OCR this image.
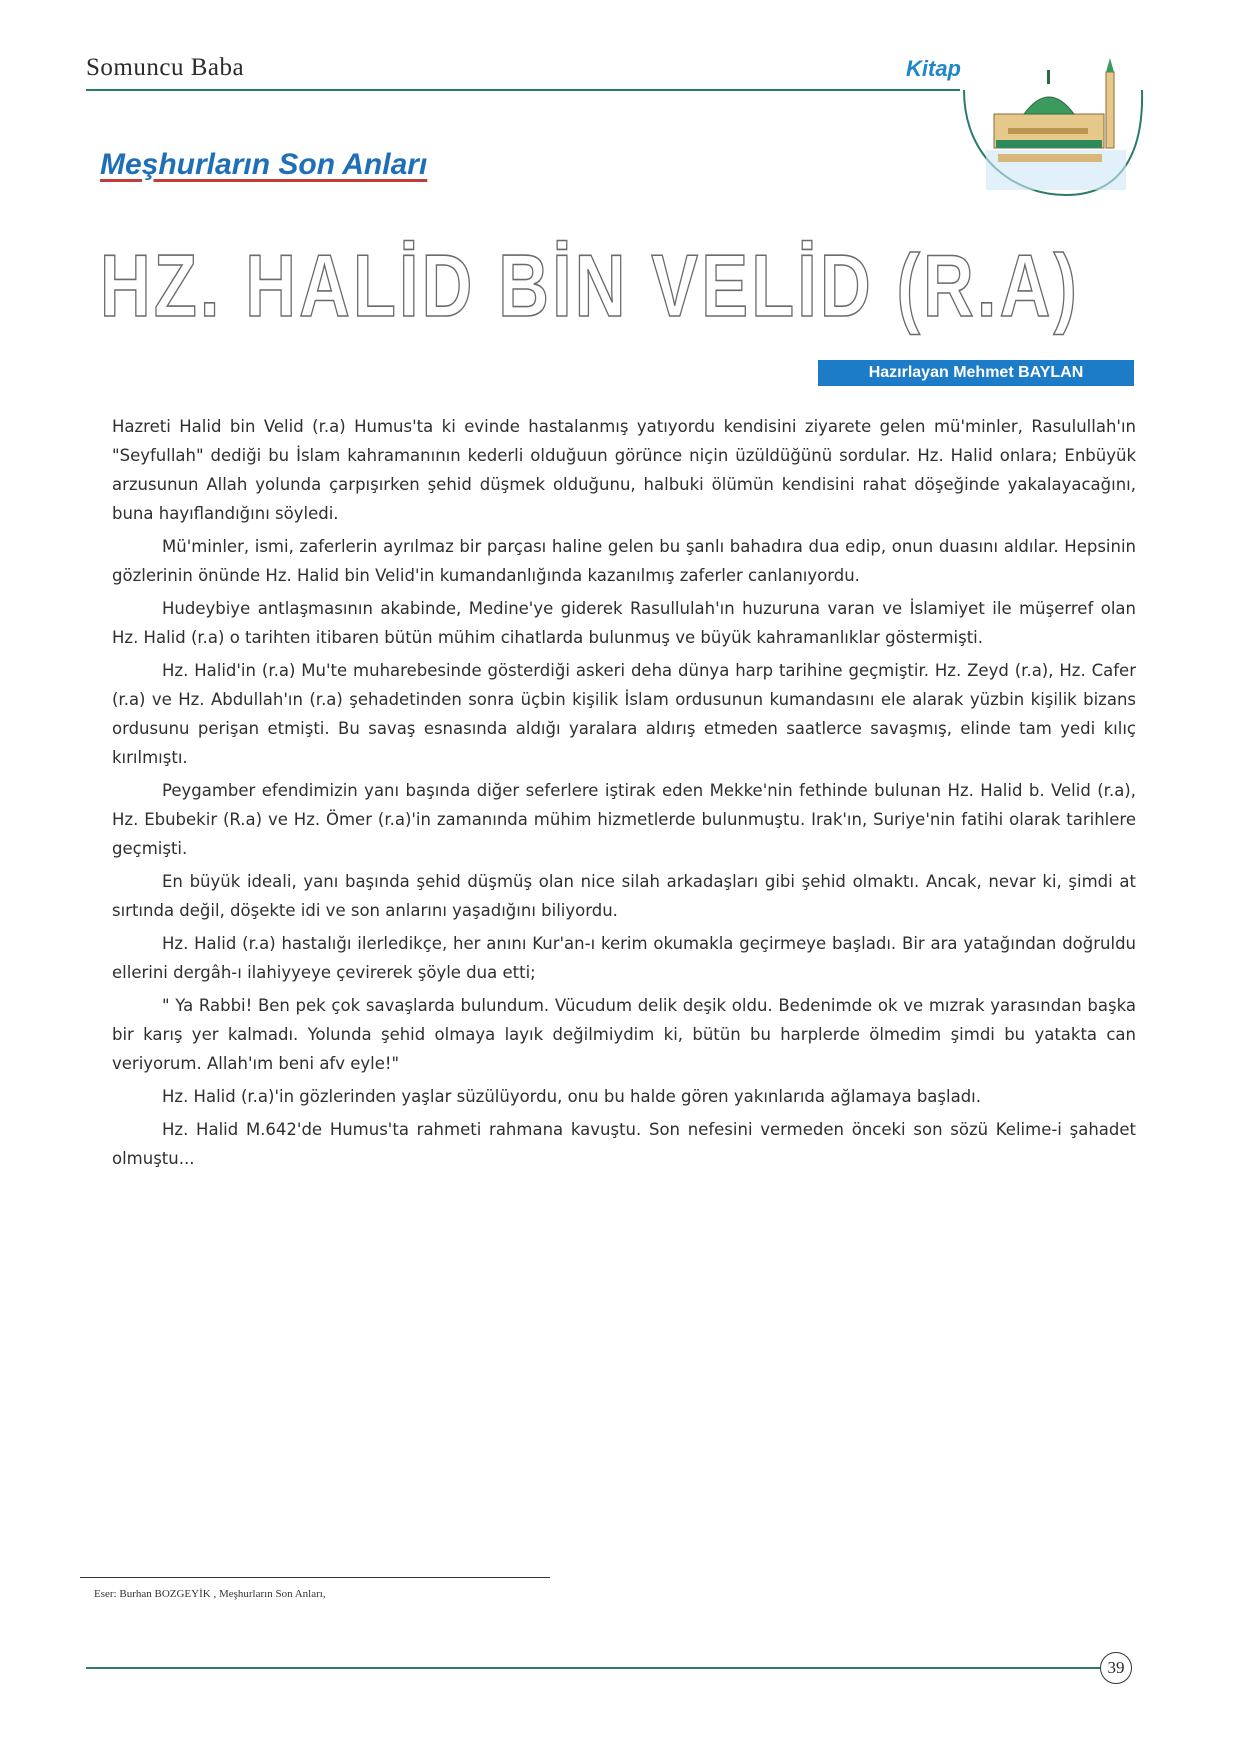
Somuncu Baba	Kitap
Meşhurların Son Anları
HZ. HALİD BİN VELİD (R.A)
Hazırlayan Mehmet BAYLAN

Hazreti Halid bin Velid (r.a) Humus'ta ki evinde hastalanmış yatıyordu kendisini ziyarete gelen mü'minler, Rasulullah'ın "Seyfullah" dediği bu İslam kahramanının kederli olduğuun görünce niçin üzüldüğünü sordular. Hz. Halid onlara; Enbüyük arzusunun Allah yolunda çarpışırken şehid düşmek olduğunu, halbuki ölümün kendisini rahat döşeğinde yakalayacağını, buna hayıflandığını söyledi.

Mü'minler, ismi, zaferlerin ayrılmaz bir parçası haline gelen bu şanlı bahadıra dua edip, onun duasını aldılar. Hepsinin gözlerinin önünde Hz. Halid bin Velid'in kumandanlığında kazanılmış zaferler canlanıyordu.

Hudeybiye antlaşmasının akabinde, Medine'ye giderek Rasullulah'ın huzuruna varan ve İslamiyet ile müşerref olan Hz. Halid (r.a) o tarihten itibaren bütün mühim cihatlarda bulunmuş ve büyük kahramanlıklar göstermişti.

Hz. Halid'in (r.a) Mu'te muharebesinde gösterdiği askeri deha dünya harp tarihine geçmiştir. Hz. Zeyd (r.a), Hz. Cafer (r.a) ve Hz. Abdullah'ın (r.a) şehadetinden sonra üçbin kişilik İslam ordusunun kumandasını ele alarak yüzbin kişilik bizans ordusunu perişan etmişti. Bu savaş esnasında aldığı yaralara aldırış etmeden saatlerce savaşmış, elinde tam yedi kılıç kırılmıştı.

Peygamber efendimizin yanı başında diğer seferlere iştirak eden Mekke'nin fethinde bulunan Hz. Halid b. Velid (r.a), Hz. Ebubekir (R.a) ve Hz. Ömer (r.a)'in zamanında mühim hizmetlerde bulunmuştu. Irak'ın, Suriye'nin fatihi olarak tarihlere geçmişti.

En büyük ideali, yanı başında şehid düşmüş olan nice silah arkadaşları gibi şehid olmaktı. Ancak, nevar ki, şimdi at sırtında değil, döşekte idi ve son anlarını yaşadığını biliyordu.

Hz. Halid (r.a) hastalığı ilerledikçe, her anını Kur'an-ı kerim okumakla geçirmeye başladı. Bir ara yatağından doğruldu ellerini dergâh-ı ilahiyyeye çevirerek şöyle dua etti;

" Ya Rabbi! Ben pek çok savaşlarda bulundum. Vücudum delik deşik oldu. Bedenimde ok ve mızrak yarasından başka bir karış yer kalmadı. Yolunda şehid olmaya layık değilmiydim ki, bütün bu harplerde ölmedim şimdi bu yatakta can veriyorum. Allah'ım beni afv eyle!"

Hz. Halid (r.a)'in gözlerinden yaşlar süzülüyordu, onu bu halde gören yakınlarıda ağlamaya başladı.

Hz. Halid M.642'de Humus'ta rahmeti rahmana kavuştu. Son nefesini vermeden önceki son sözü Kelime-i şahadet olmuştu...

Eser: Burhan BOZGEYİK , Meşhurların Son Anları,
39
